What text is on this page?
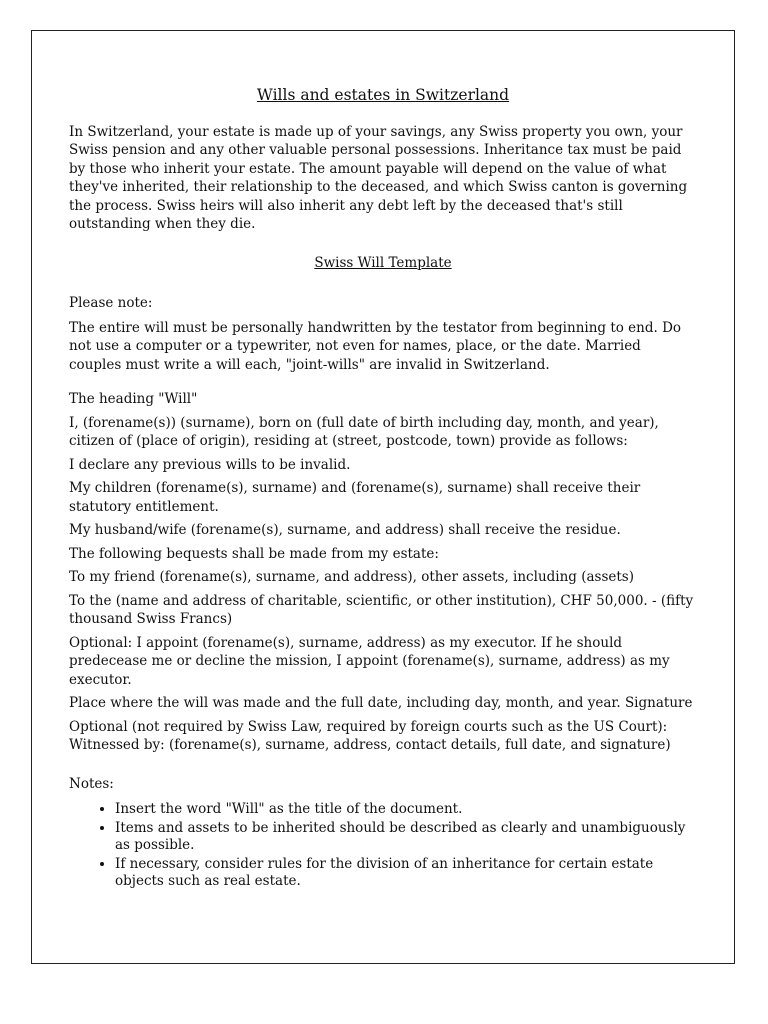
Wills and estates in Switzerland

In Switzerland, your estate is made up of your savings, any Swiss property you own, your Swiss pension and any other valuable personal possessions. Inheritance tax must be paid by those who inherit your estate. The amount payable will depend on the value of what they've inherited, their relationship to the deceased, and which Swiss canton is governing the process. Swiss heirs will also inherit any debt left by the deceased that's still outstanding when they die.

Swiss Will Template

Please note:

The entire will must be personally handwritten by the testator from beginning to end. Do not use a computer or a typewriter, not even for names, place, or the date. Married couples must write a will each, "joint-wills" are invalid in Switzerland.

The heading "Will"

I, (forename(s)) (surname), born on (full date of birth including day, month, and year), citizen of (place of origin), residing at (street, postcode, town) provide as follows:

I declare any previous wills to be invalid.

My children (forename(s), surname) and (forename(s), surname) shall receive their statutory entitlement.

My husband/wife (forename(s), surname, and address) shall receive the residue.

The following bequests shall be made from my estate:

To my friend (forename(s), surname, and address), other assets, including (assets)

To the (name and address of charitable, scientific, or other institution), CHF 50,000. - (fifty thousand Swiss Francs)

Optional: I appoint (forename(s), surname, address) as my executor. If he should predecease me or decline the mission, I appoint (forename(s), surname, address) as my executor.

Place where the will was made and the full date, including day, month, and year. Signature

Optional (not required by Swiss Law, required by foreign courts such as the US Court): Witnessed by: (forename(s), surname, address, contact details, full date, and signature)

Notes:

• Insert the word "Will" as the title of the document.
• Items and assets to be inherited should be described as clearly and unambiguously as possible.
• If necessary, consider rules for the division of an inheritance for certain estate objects such as real estate.
